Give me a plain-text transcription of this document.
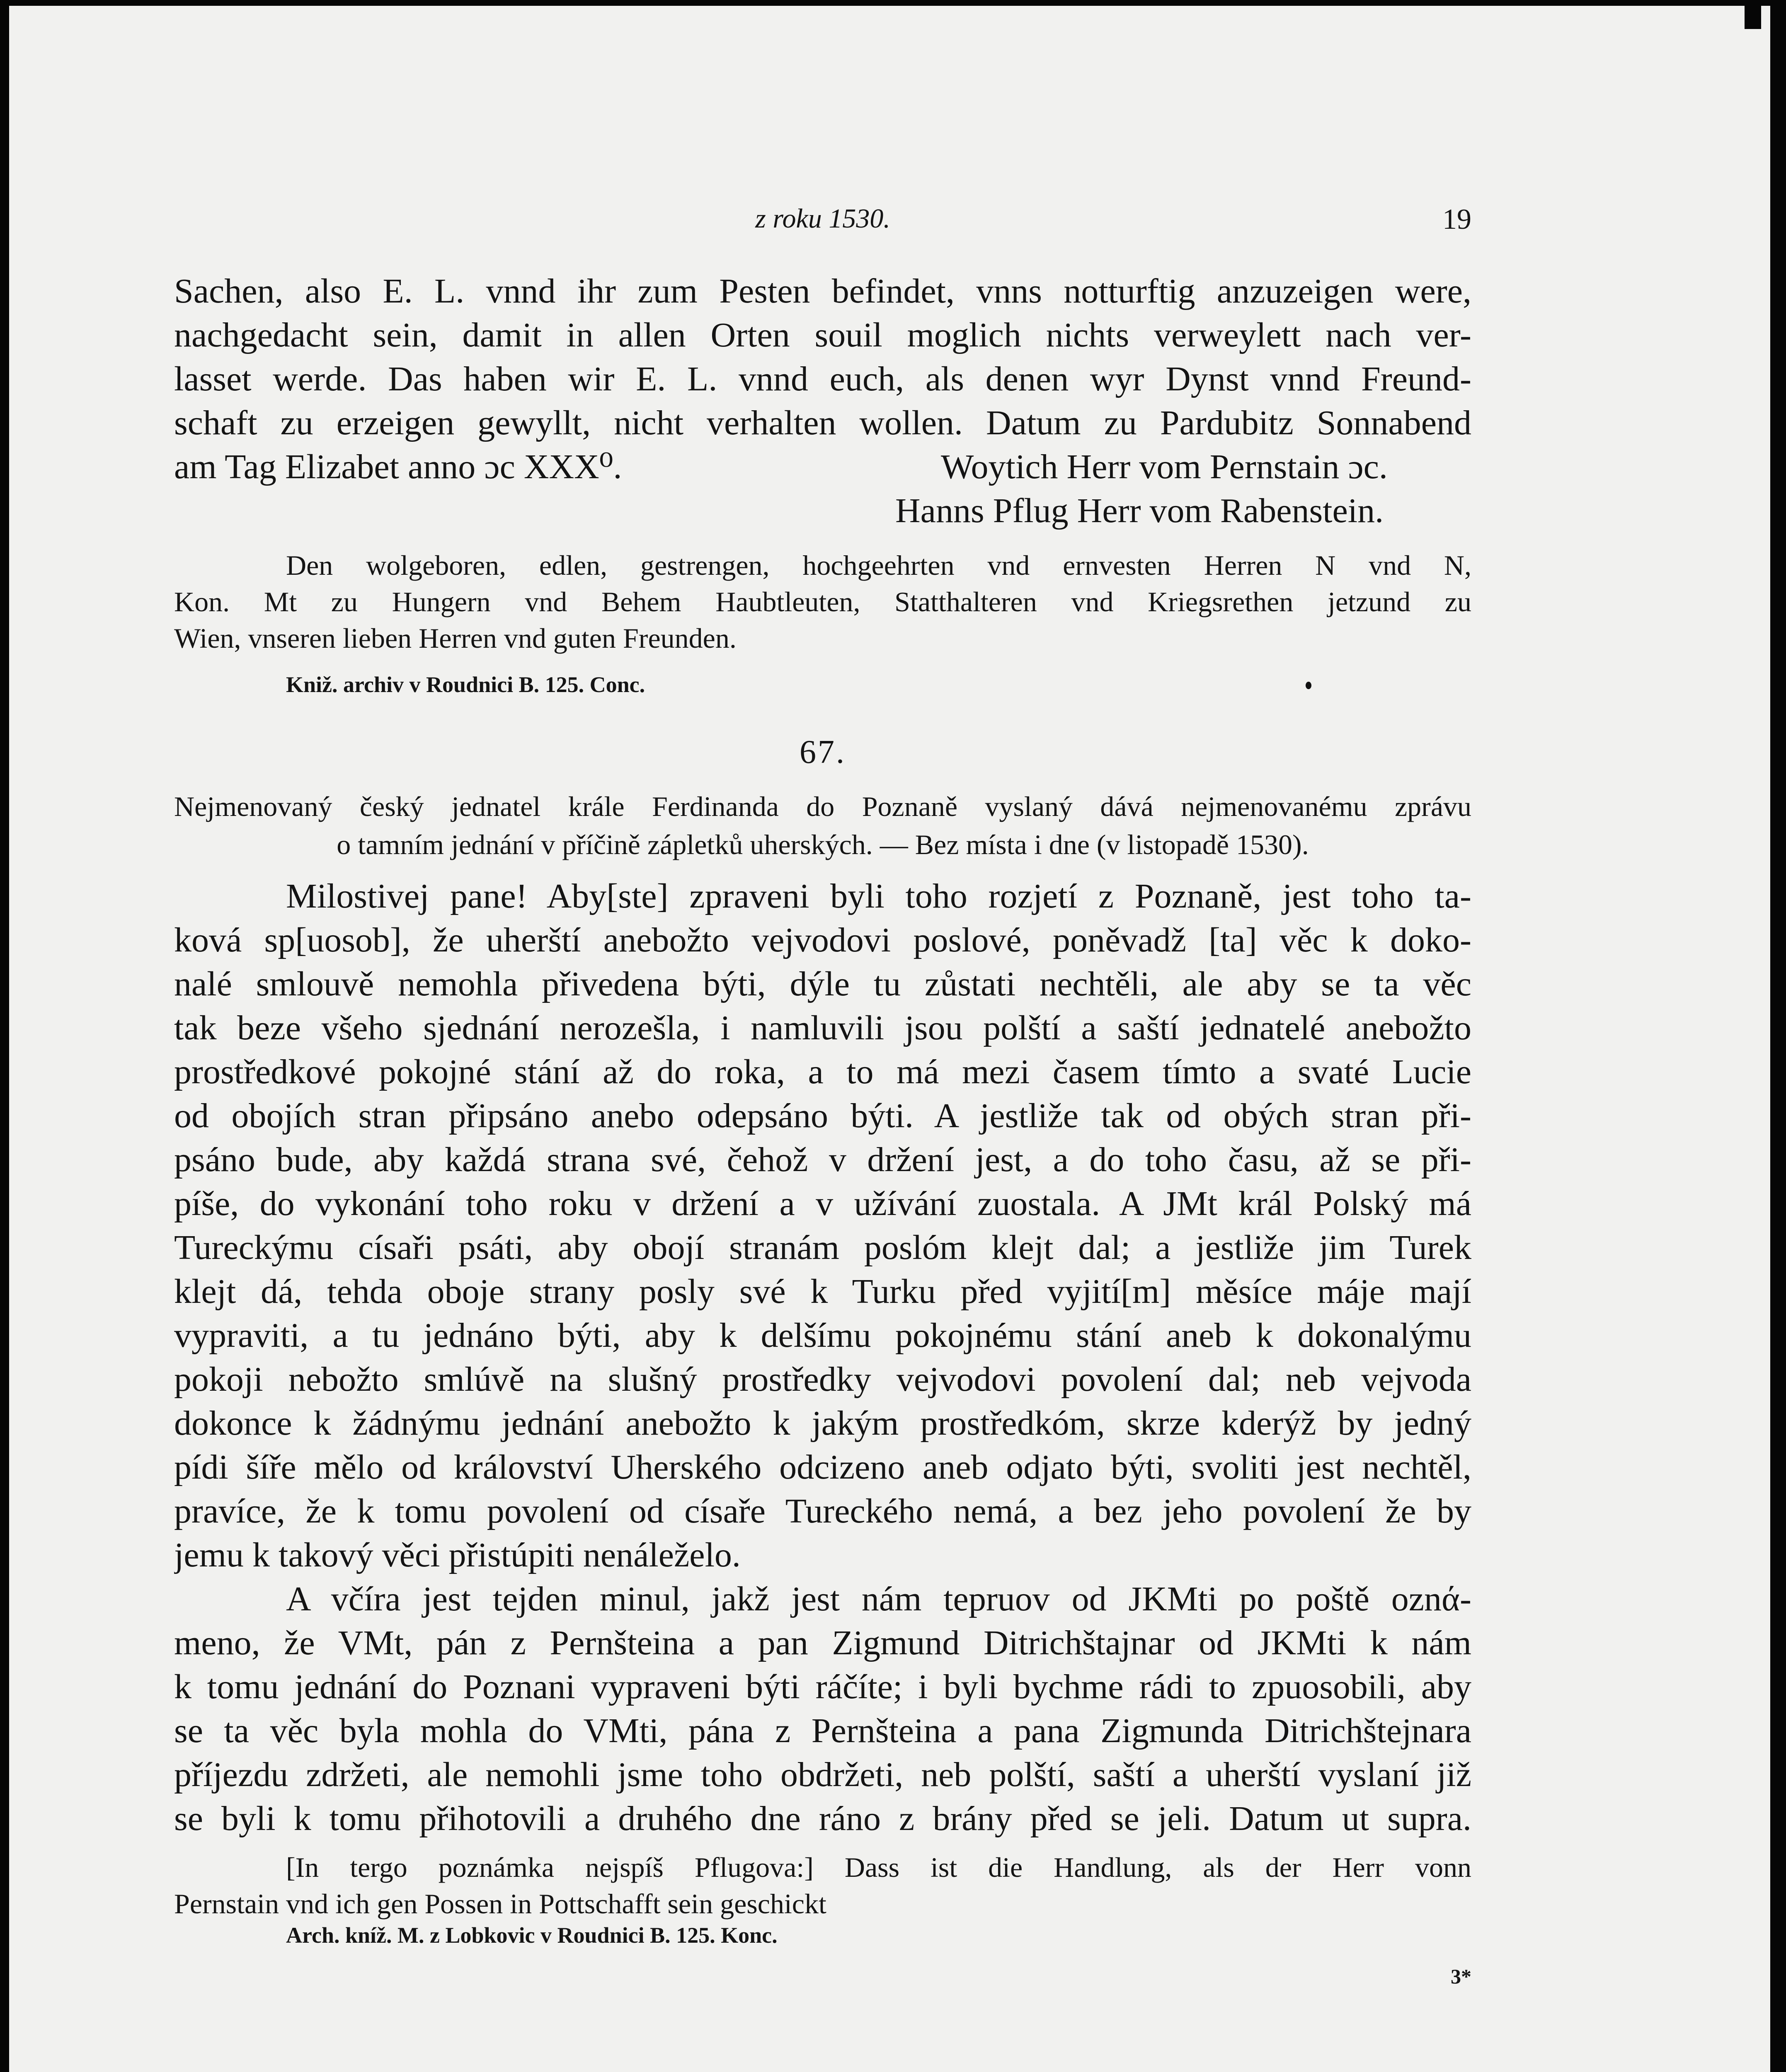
z roku 1530.	19
Sachen, also E. L. vnnd ihr zum Pesten befindet, vnns notturftig anzuzeigen were,
nachgedacht sein, damit in allen Orten souil moglich nichts verweylett nach ver-
lasset werde. Das haben wir E. L. vnnd euch, als denen wyr Dynst vnnd Freund-
schaft zu erzeigen gewyllt, nicht verhalten wollen. Datum zu Pardubitz Sonnabend
am Tag Elizabet anno ɔc XXX⁰.	Woytich Herr vom Pernstain ɔc.
Hanns Pflug Herr vom Rabenstein.
Den wolgeboren, edlen, gestrengen, hochgeehrten vnd ernvesten Herren N vnd N,
Kon. Mt zu Hungern vnd Behem Haubtleuten, Statthalteren vnd Kriegsrethen jetzund zu
Wien, vnseren lieben Herren vnd guten Freunden.
Kniž. archiv v Roudnici B. 125. Conc.
67.
Nejmenovaný český jednatel krále Ferdinanda do Poznaně vyslaný dává nejmenovanému zprávu
o tamním jednání v příčině zápletků uherských. — Bez místa i dne (v listopadě 1530).
Milostivej pane! Aby[ste] zpraveni byli toho rozjetí z Poznaně, jest toho ta-
ková sp[uosob], že uherští anebožto vejvodovi poslové, poněvadž [ta] věc k doko-
nalé smlouvě nemohla přivedena býti, dýle tu zůstati nechtěli, ale aby se ta věc
tak beze všeho sjednání nerozešla, i namluvili jsou polští a saští jednatelé anebožto
prostředkové pokojné stání až do roka, a to má mezi časem tímto a svaté Lucie
od obojích stran připsáno anebo odepsáno býti. A jestliže tak od obých stran při-
psáno bude, aby každá strana své, čehož v držení jest, a do toho času, až se při-
píše, do vykonání toho roku v držení a v užívání zuostala. A JMt král Polský má
Tureckýmu císaři psáti, aby obojí stranám poslóm klejt dal; a jestliže jim Turek
klejt dá, tehda oboje strany posly své k Turku před vyjití[m] měsíce máje mají
vypraviti, a tu jednáno býti, aby k delšímu pokojnému stání aneb k dokonalýmu
pokoji nebožto smlúvě na slušný prostředky vejvodovi povolení dal; neb vejvoda
dokonce k žádnýmu jednání anebožto k jakým prostředkóm, skrze kderýž by jedný
pídi šíře mělo od království Uherského odcizeno aneb odjato býti, svoliti jest nechtěl,
pravíce, že k tomu povolení od císaře Tureckého nemá, a bez jeho povolení že by
jemu k takový věci přistúpiti nenáleželo.
A včíra jest tejden minul, jakž jest nám tepruov od JKMti po poště oznά-
meno, že VMt, pán z Pernšteina a pan Zigmund Ditrichštajnar od JKMti k nám
k tomu jednání do Poznani vypraveni býti ráčíte; i byli bychme rádi to zpuosobili, aby
se ta věc byla mohla do VMti, pána z Pernšteina a pana Zigmunda Ditrichštejnara
příjezdu zdržeti, ale nemohli jsme toho obdržeti, neb polští, saští a uherští vyslaní již
se byli k tomu přihotovili a druhého dne ráno z brány před se jeli. Datum ut supra.
[In tergo poznámka nejspíš Pflugova:] Dass ist die Handlung, als der Herr vonn
Pernstain vnd ich gen Possen in Pottschafft sein geschickt
Arch. kníž. M. z Lobkovic v Roudnici B. 125. Konc.
3*
